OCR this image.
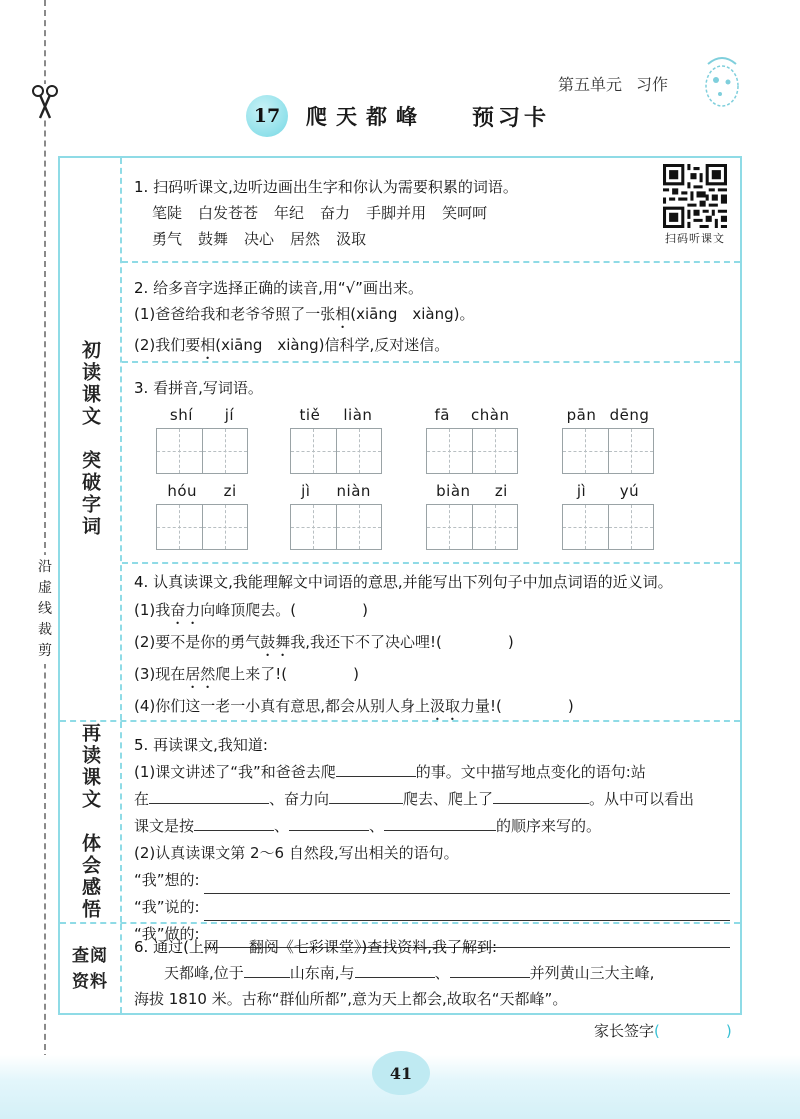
沿虚线裁剪
第五单元 习作
17	爬天都峰 预习卡
初读课文　突破字词
再读课文　体会感悟
查阅资料
1. 扫码听课文,边听边画出生字和你认为需要积累的词语。
笔陡 白发苍苍 年纪 奋力 手脚并用 笑呵呵
勇气 鼓舞 决心 居然 汲取	扫码听课文
2. 给多音字选择正确的读音,用“√”画出来。
(1)爸爸给我和老爷爷照了一张相(xiāng　xiàng)。
(2)我们要相(xiāng　xiàng)信科学,反对迷信。
3. 看拼音,写词语。
shí jí	tiě liàn	fā chàn	pān dēng
hóu zi	jì niàn	biàn zi	jì yú
4. 认真读课文,我能理解文中词语的意思,并能写出下列句子中加点词语的近义词。
(1)我奋力向峰顶爬去。(	)
(2)要不是你的勇气鼓舞我,我还下不了决心哩!(	)
(3)现在居然爬上来了!(	)
(4)你们这一老一小真有意思,都会从别人身上汲取力量!(	)
5. 再读课文,我知道:
(1)课文讲述了“我”和爸爸去爬	的事。文中描写地点变化的语句:站
在	、奋力向	爬去、爬上了	。从中可以看出
课文是按	、	、	的顺序来写的。
(2)认真读课文第 2～6 自然段,写出相关的语句。
“我”想的:
“我”说的:
“我”做的:
6. 通过(上网　　翻阅《七彩课堂》)查找资料,我了解到:
天都峰,位于	山东南,与	、	并列黄山三大主峰,
海拔 1810 米。古称“群仙所都”,意为天上都会,故取名“天都峰”。
家长签字(	)
41
